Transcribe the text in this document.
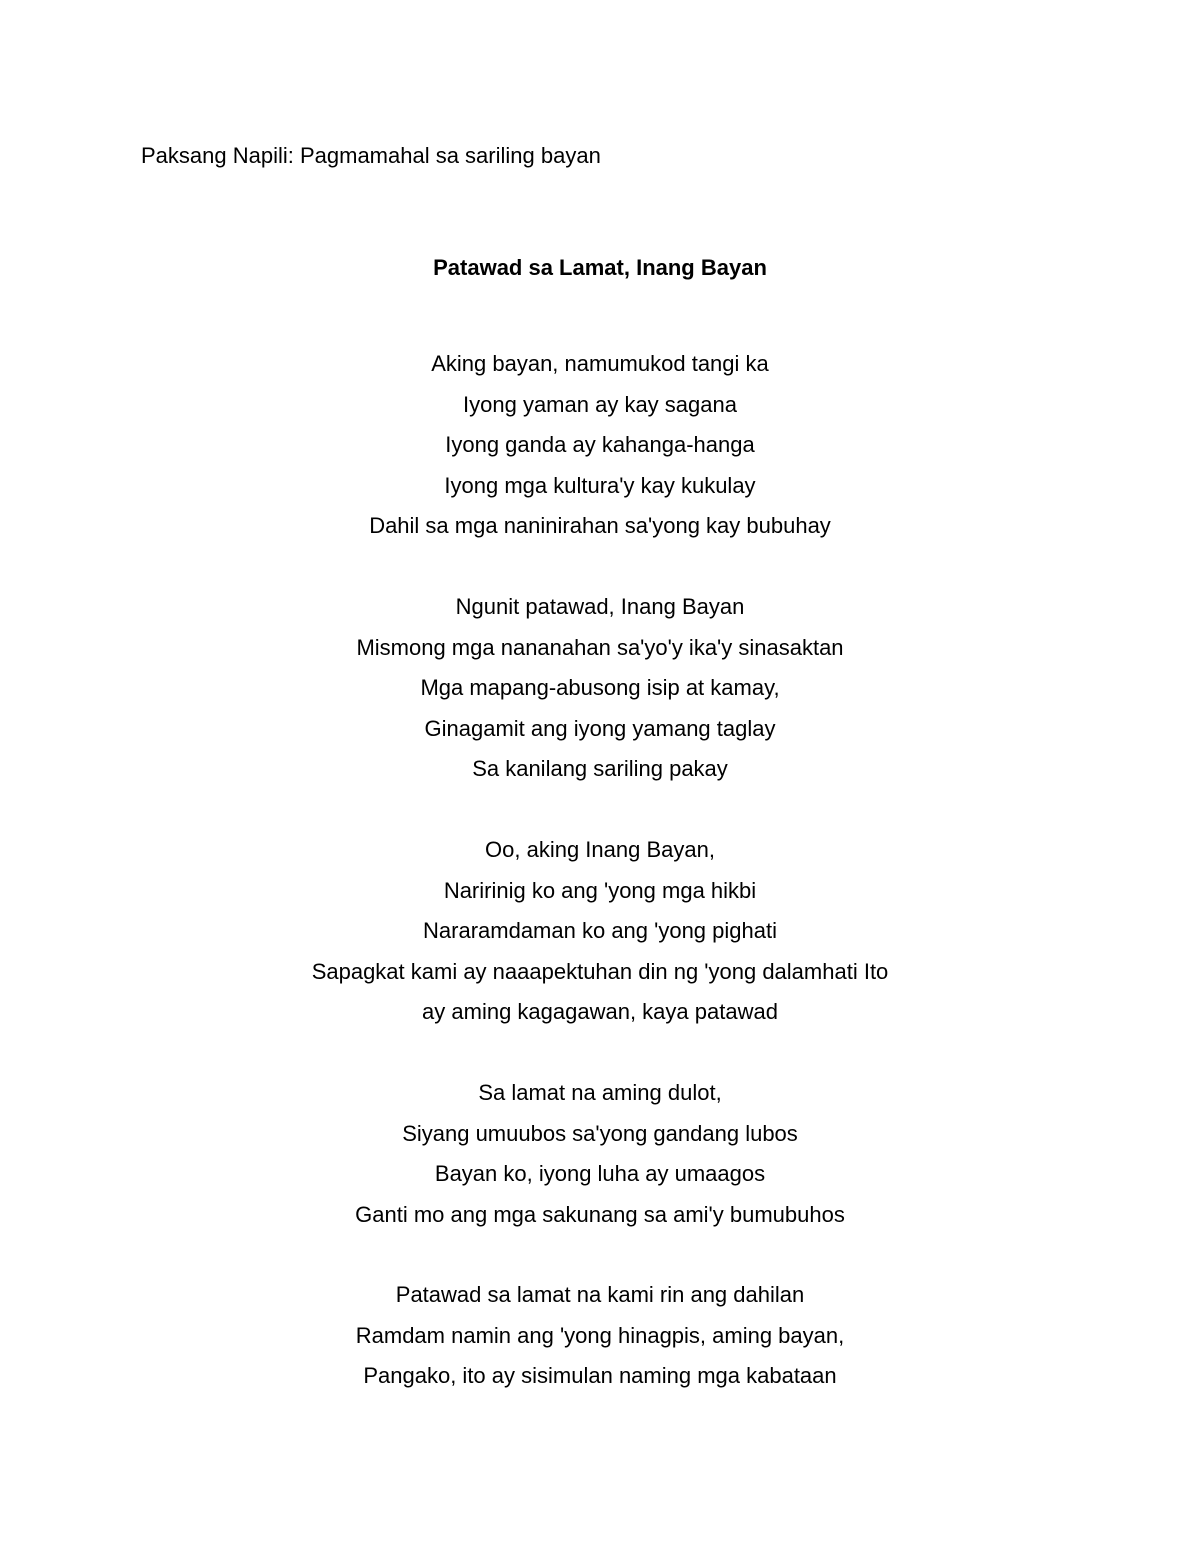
Paksang Napili: Pagmamahal sa sariling bayan
Patawad sa Lamat, Inang Bayan
Aking bayan, namumukod tangi ka
Iyong yaman ay kay sagana
Iyong ganda ay kahanga-hanga
Iyong mga kultura'y kay kukulay
Dahil sa mga naninirahan sa'yong kay bubuhay
Ngunit patawad, Inang Bayan
Mismong mga nananahan sa'yo'y ika'y sinasaktan
Mga mapang-abusong isip at kamay,
Ginagamit ang iyong yamang taglay
Sa kanilang sariling pakay
Oo, aking Inang Bayan,
Naririnig ko ang 'yong mga hikbi
Nararamdaman ko ang 'yong pighati
Sapagkat kami ay naaapektuhan din ng 'yong dalamhati Ito
ay aming kagagawan, kaya patawad
Sa lamat na aming dulot,
Siyang umuubos sa'yong gandang lubos
Bayan ko, iyong luha ay umaagos
Ganti mo ang mga sakunang sa ami'y bumubuhos
Patawad sa lamat na kami rin ang dahilan
Ramdam namin ang 'yong hinagpis, aming bayan,
Pangako, ito ay sisimulan naming mga kabataan
